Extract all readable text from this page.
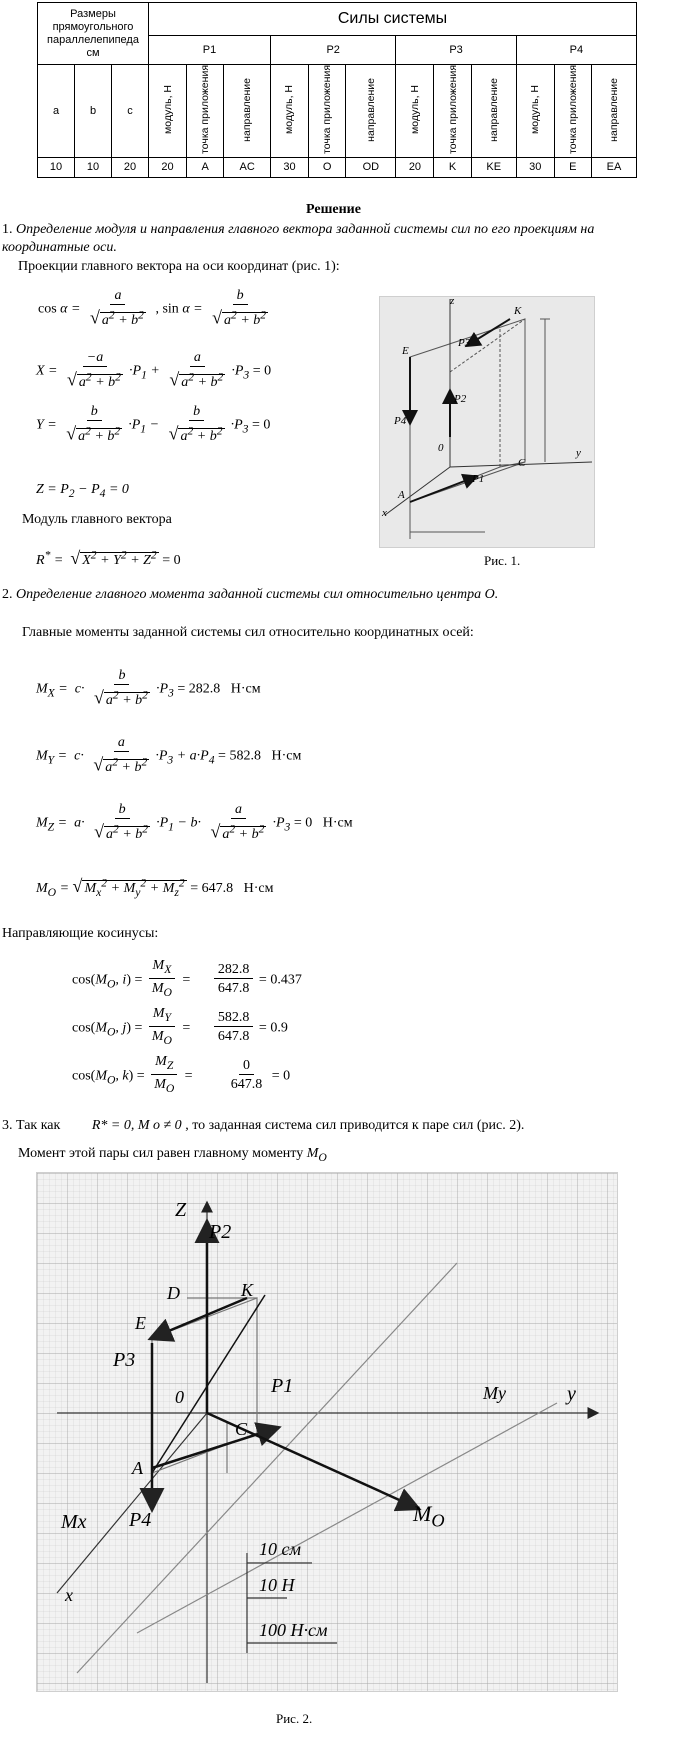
Размеры прямоугольного параллелепипеда см			Силы системы											
			P1			P2			P3			P4		
a	b	c	модуль, Н	точка приложения	направление	модуль, Н	точка приложения	направление	модуль, Н	точка приложения	направление	модуль, Н	точка приложения	направление
10	10	20	20	A	AC	30	O	OD	20	K	KE	30	E	EA
Решение
1. Определение модуля и направления главного вектора заданной системы сил по его проекциям на
координатные оси.
Проекции главного вектора на оси координат (рис. 1):
$\cos \alpha = \frac{a}{√ a^2 + b^2}$ , $\sin \alpha = \frac{b}{√ a^2 + b^2}$
$X = \frac{-a}{√ a^2 + b^2} \cdot P_1 + \frac{a}{√ a^2 + b^2} \cdot P_3 = 0$
$Y = \frac{b}{√ a^2 + b^2} \cdot P_1 - \frac{b}{√ a^2 + b^2} \cdot P_3 = 0$
$Z = P_2 - P_4 = 0$
Модуль главного вектора
R* =  √ $X^2 + Y^2 + Z^2 = 0$
z
E
K
P4
P2
P3
0
A
P1
C
y
x
Рис. 1.
2. Определение главного момента заданной системы сил относительно центра O.
Главные моменты заданной системы сил относительно координатных осей:
$M_X = c\cdot \frac{b}{√ a^2 + b^2} \cdot P_3 = 282.8$ Н·см
$M_Y = c\cdot \frac{a}{√ a^2 + b^2} \cdot P_3 + a\cdot P_4 = 582.8$ Н·см
$M_Z = a\cdot \frac{b}{√ a^2 + b^2} \cdot P_1 - b\cdot \frac{a}{√ a^2 + b^2} \cdot P_3 = 0$ Н·см
$M_O$ = √ $M_x^2 + M_y^2 + M_z^2 = 647.8$ Н·см
Направляющие косинусы:
$\cos(M_O$, $i) = \frac{M_X}{M_O} = \frac{282.8}{647.8} = 0.437$
$\cos(M_O$, $j) = \frac{M_Y}{M_O} = \frac{582.8}{647.8} = 0.9$
$\cos(M_O$, $k) = \frac{M_Z}{M_O} = \frac{0}{647.8} = 0$
3. Так как R* = 0, M o ≠ 0 , то заданная система сил приводится к паре сил (рис. 2).
Момент этой пары сил равен главному моменту $M_O$
Z
P2
D	K
E
P3
0	P1
C
My	y
A
P4
Mx	$M_O$
x
10 см
10 Н
100 Н·см
Рис. 2.
